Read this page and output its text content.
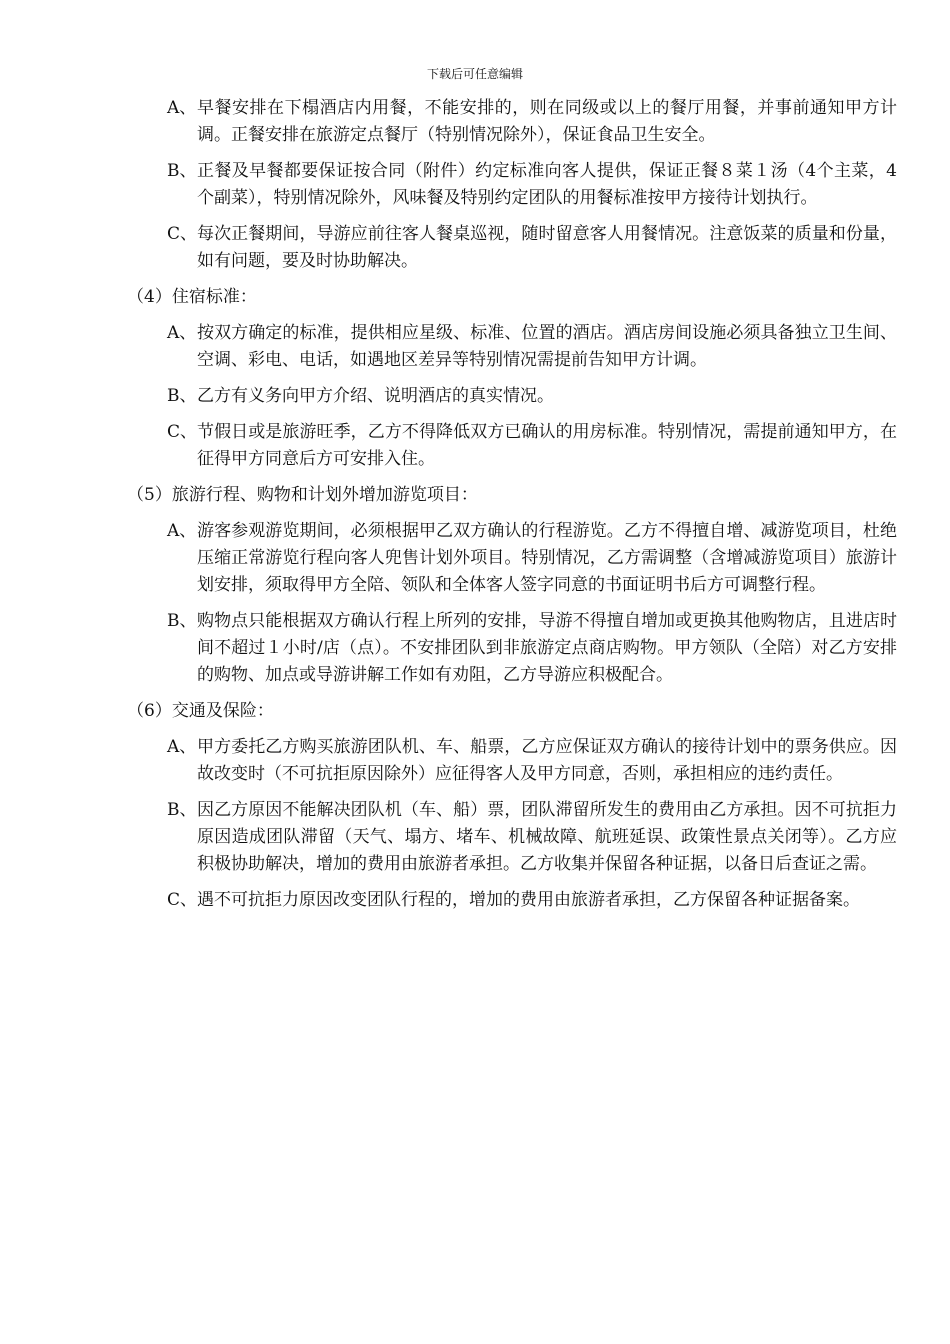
下载后可任意编辑

A、 早餐安排在下榻酒店内用餐，不能安排的，则在同级或以上的餐厅用餐，并事前通知甲方计调。正餐安排在旅游定点餐厅（特别情况除外），保证食品卫生安全。

B、 正餐及早餐都要保证按合同（附件）约定标准向客人提供，保证正餐８菜１汤（4个主菜，4个副菜），特别情况除外，风味餐及特别约定团队的用餐标准按甲方接待计划执行。

C、 每次正餐期间，导游应前往客人餐桌巡视，随时留意客人用餐情况。注意饭菜的质量和份量，如有问题，要及时协助解决。

（4）住宿标准：

A、 按双方确定的标准，提供相应星级、标准、位置的酒店。酒店房间设施必须具备独立卫生间、空调、彩电、电话，如遇地区差异等特别情况需提前告知甲方计调。

B、 乙方有义务向甲方介绍、说明酒店的真实情况。

C、 节假日或是旅游旺季，乙方不得降低双方已确认的用房标准。特别情况，需提前通知甲方，在征得甲方同意后方可安排入住。

（5）旅游行程、购物和计划外增加游览项目：

A、 游客参观游览期间，必须根据甲乙双方确认的行程游览。乙方不得擅自增、减游览项目，杜绝压缩正常游览行程向客人兜售计划外项目。特别情况，乙方需调整（含增减游览项目）旅游计划安排，须取得甲方全陪、领队和全体客人签字同意的书面证明书后方可调整行程。

B、 购物点只能根据双方确认行程上所列的安排，导游不得擅自增加或更换其他购物店，且进店时间不超过１小时/店（点）。不安排团队到非旅游定点商店购物。甲方领队（全陪）对乙方安排的购物、加点或导游讲解工作如有劝阻，乙方导游应积极配合。

（6）交通及保险：

A、 甲方委托乙方购买旅游团队机、车、船票，乙方应保证双方确认的接待计划中的票务供应。因故改变时（不可抗拒原因除外）应征得客人及甲方同意，否则，承担相应的违约责任。

B、 因乙方原因不能解决团队机（车、船）票，团队滞留所发生的费用由乙方承担。因不可抗拒力原因造成团队滞留（天气、塌方、堵车、机械故障、航班延误、政策性景点关闭等）。乙方应积极协助解决，增加的费用由旅游者承担。乙方收集并保留各种证据，以备日后查证之需。

C、 遇不可抗拒力原因改变团队行程的，增加的费用由旅游者承担，乙方保留各种证据备案。
